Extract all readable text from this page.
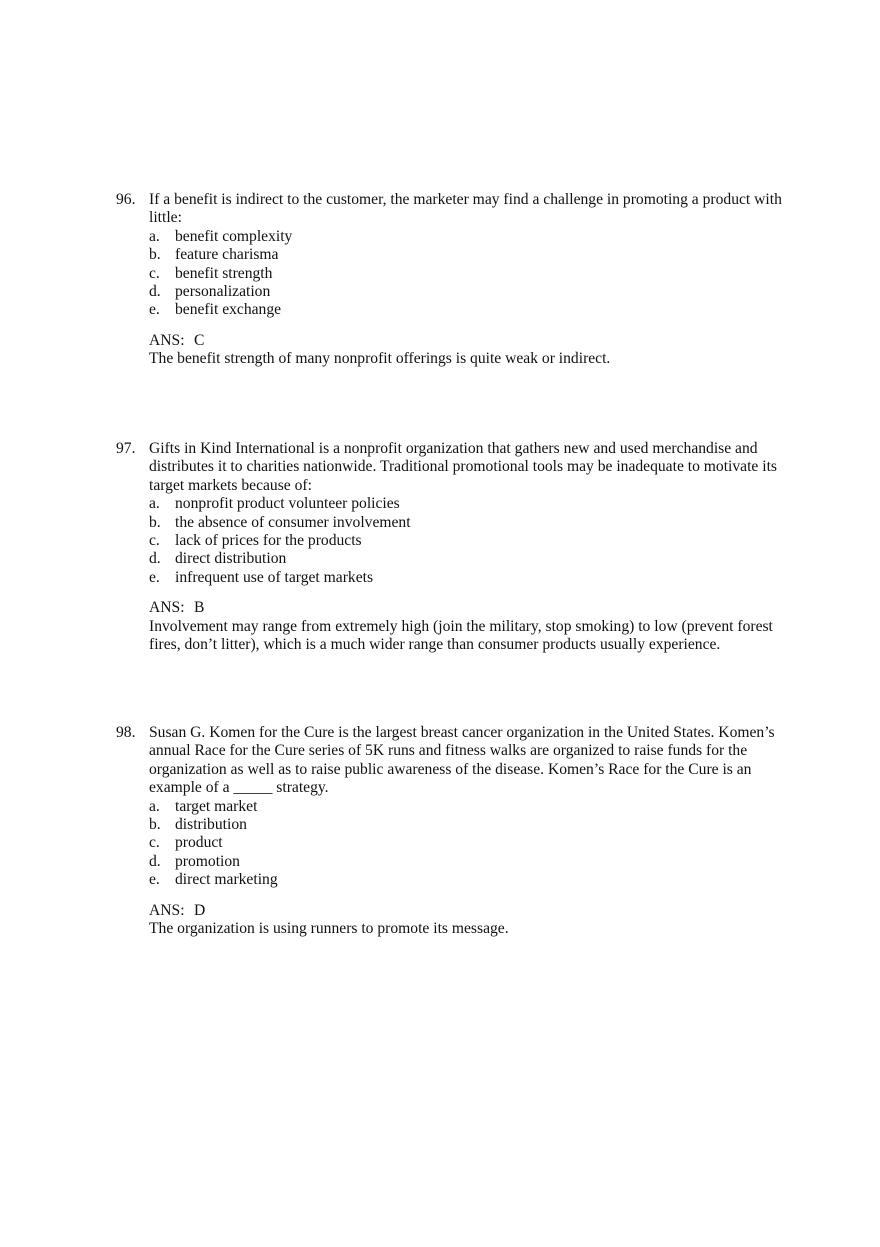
96. If a benefit is indirect to the customer, the marketer may find a challenge in promoting a product with little:

a. benefit complexity
b. feature charisma
c. benefit strength
d. personalization
e. benefit exchange

ANS: C

The benefit strength of many nonprofit offerings is quite weak or indirect.

97. Gifts in Kind International is a nonprofit organization that gathers new and used merchandise and distributes it to charities nationwide. Traditional promotional tools may be inadequate to motivate its target markets because of:

a. nonprofit product volunteer policies
b. the absence of consumer involvement
c. lack of prices for the products
d. direct distribution
e. infrequent use of target markets

ANS: B

Involvement may range from extremely high (join the military, stop smoking) to low (prevent forest fires, don’t litter), which is a much wider range than consumer products usually experience.

98. Susan G. Komen for the Cure is the largest breast cancer organization in the United States. Komen’s annual Race for the Cure series of 5K runs and fitness walks are organized to raise funds for the organization as well as to raise public awareness of the disease. Komen’s Race for the Cure is an example of a _____ strategy.

a. target market
b. distribution
c. product
d. promotion
e. direct marketing

ANS: D

The organization is using runners to promote its message.
